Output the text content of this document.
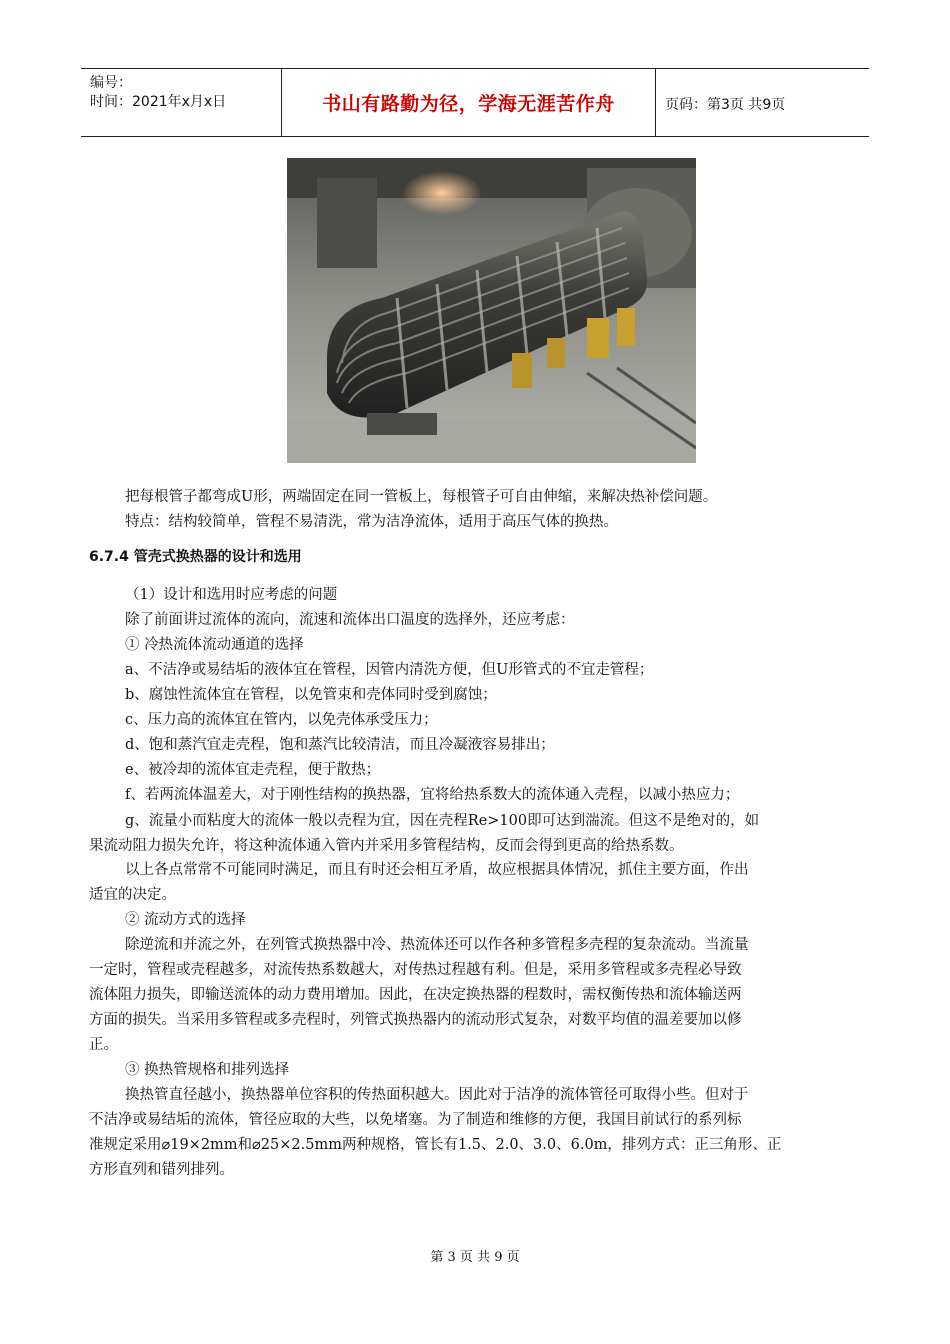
编号：
时间：2021年x月x日	书山有路勤为径，学海无涯苦作舟	页码：第3页 共9页
把每根管子都弯成U形，两端固定在同一管板上，每根管子可自由伸缩，来解决热补偿问题。
特点：结构较简单，管程不易清洗，常为洁净流体，适用于高压气体的换热。
6.7.4 管壳式换热器的设计和选用
（1）设计和选用时应考虑的问题
除了前面讲过流体的流向，流速和流体出口温度的选择外，还应考虑：
① 冷热流体流动通道的选择
a、不洁净或易结垢的液体宜在管程，因管内清洗方便，但U形管式的不宜走管程；
b、腐蚀性流体宜在管程，以免管束和壳体同时受到腐蚀；
c、压力高的流体宜在管内，以免壳体承受压力；
d、饱和蒸汽宜走壳程，饱和蒸汽比较清洁，而且冷凝液容易排出；
e、被冷却的流体宜走壳程，便于散热；
f、若两流体温差大，对于刚性结构的换热器，宜将给热系数大的流体通入壳程，以减小热应力；
g、流量小而粘度大的流体一般以壳程为宜，因在壳程Re>100即可达到湍流。但这不是绝对的，如
果流动阻力损失允许，将这种流体通入管内并采用多管程结构，反而会得到更高的给热系数。
以上各点常常不可能同时满足，而且有时还会相互矛盾，故应根据具体情况，抓住主要方面，作出
适宜的决定。
② 流动方式的选择
除逆流和并流之外，在列管式换热器中冷、热流体还可以作各种多管程多壳程的复杂流动。当流量
一定时，管程或壳程越多，对流传热系数越大，对传热过程越有利。但是，采用多管程或多壳程必导致
流体阻力损失，即输送流体的动力费用增加。因此，在决定换热器的程数时，需权衡传热和流体输送两
方面的损失。当采用多管程或多壳程时，列管式换热器内的流动形式复杂，对数平均值的温差要加以修
正。
③ 换热管规格和排列选择
换热管直径越小，换热器单位容积的传热面积越大。因此对于洁净的流体管径可取得小些。但对于
不洁净或易结垢的流体，管径应取的大些，以免堵塞。为了制造和维修的方便，我国目前试行的系列标
准规定采用⌀19×2mm和⌀25×2.5mm两种规格，管长有1.5、2.0、3.0、6.0m，排列方式：正三角形、正
方形直列和错列排列。
第 3 页 共 9 页
